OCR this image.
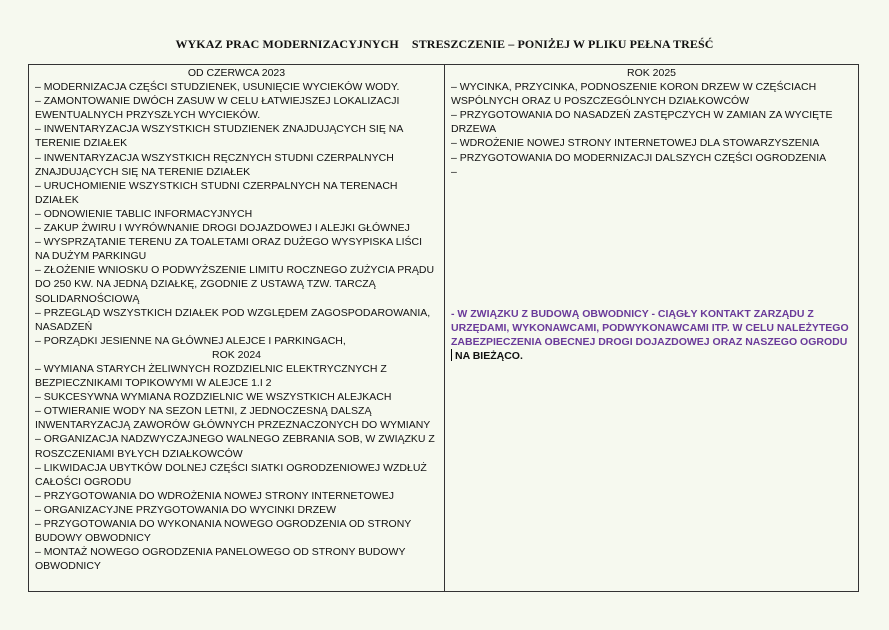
WYKAZ PRAC MODERNIZACYJNYCH STRESZCZENIE – PONIŻEJ W PLIKU PEŁNA TREŚĆ
OD CZERWCA 2023
– MODERNIZACJA CZĘŚCI STUDZIENEK, USUNIĘCIE WYCIEKÓW WODY.
– ZAMONTOWANIE DWÓCH ZASUW W CELU ŁATWIEJSZEJ LOKALIZACJI EWENTUALNYCH PRZYSZŁYCH WYCIEKÓW.
– INWENTARYZACJA WSZYSTKICH STUDZIENEK ZNAJDUJĄCYCH SIĘ NA TERENIE DZIAŁEK
– INWENTARYZACJA WSZYSTKICH RĘCZNYCH STUDNI CZERPALNYCH ZNAJDUJĄCYCH SIĘ NA TERENIE DZIAŁEK
– URUCHOMIENIE WSZYSTKICH STUDNI CZERPALNYCH NA TERENACH DZIAŁEK
– ODNOWIENIE TABLIC INFORMACYJNYCH
– ZAKUP ŻWIRU I WYRÓWNANIE DROGI DOJAZDOWEJ I ALEJKI GŁÓWNEJ
– WYSPRZĄTANIE TERENU ZA TOALETAMI ORAZ DUŻEGO WYSYPISKA LIŚCI NA DUŻYM PARKINGU
– ZŁOŻENIE WNIOSKU O PODWYŻSZENIE LIMITU ROCZNEGO ZUŻYCIA PRĄDU DO 250 KW. NA JEDNĄ DZIAŁKĘ, ZGODNIE Z USTAWĄ TZW. TARCZĄ SOLIDARNOŚCIOWĄ
– PRZEGLĄD WSZYSTKICH DZIAŁEK POD WZGLĘDEM ZAGOSPODAROWANIA, NASADZEŃ
– PORZĄDKI JESIENNE NA GŁÓWNEJ ALEJCE I PARKINGACH,
ROK 2024
– WYMIANA STARYCH ŻELIWNYCH ROZDZIELNIC ELEKTRYCZNYCH Z BEZPIECZNIKAMI TOPIKOWYMI W ALEJCE 1.I 2
– SUKCESYWNA WYMIANA ROZDZIELNIC WE WSZYSTKICH ALEJKACH
– OTWIERANIE WODY NA SEZON LETNI, Z JEDNOCZESNĄ DALSZĄ INWENTARYZACJĄ ZAWORÓW GŁÓWNYCH PRZEZNACZONYCH DO WYMIANY
– ORGANIZACJA NADZWYCZAJNEGO WALNEGO ZEBRANIA SOB, W ZWIĄZKU Z ROSZCZENIAMI BYŁYCH DZIAŁKOWCÓW
– LIKWIDACJA UBYTKÓW DOLNEJ CZĘŚCI SIATKI OGRODZENIOWEJ WZDŁUŻ CAŁOŚCI OGRODU
– PRZYGOTOWANIA DO WDROŻENIA NOWEJ STRONY INTERNETOWEJ
– ORGANIZACYJNE PRZYGOTOWANIA DO WYCINKI DRZEW
– PRZYGOTOWANIA DO WYKONANIA NOWEGO OGRODZENIA OD STRONY BUDOWY OBWODNICY
– MONTAŻ NOWEGO OGRODZENIA PANELOWEGO OD STRONY BUDOWY OBWODNICY
ROK 2025
– WYCINKA, PRZYCINKA, PODNOSZENIE KORON DRZEW W CZĘŚCIACH WSPÓLNYCH ORAZ U POSZCZEGÓLNYCH DZIAŁKOWCÓW
– PRZYGOTOWANIA DO NASADZEŃ ZASTĘPCZYCH W ZAMIAN ZA WYCIĘTE DRZEWA
– WDROŻENIE NOWEJ STRONY INTERNETOWEJ DLA STOWARZYSZENIA
– PRZYGOTOWANIA DO MODERNIZACJI DALSZYCH CZĘŚCI OGRODZENIA
–
- W ZWIĄZKU Z BUDOWĄ OBWODNICY - CIĄGŁY KONTAKT ZARZĄDU Z URZĘDAMI, WYKONAWCAMI, PODWYKONAWCAMI ITP. W CELU NALEŻYTEGO ZABEZPIECZENIA OBECNEJ DROGI DOJAZDOWEJ ORAZ NASZEGO OGRODU
NA BIEŻĄCO.
